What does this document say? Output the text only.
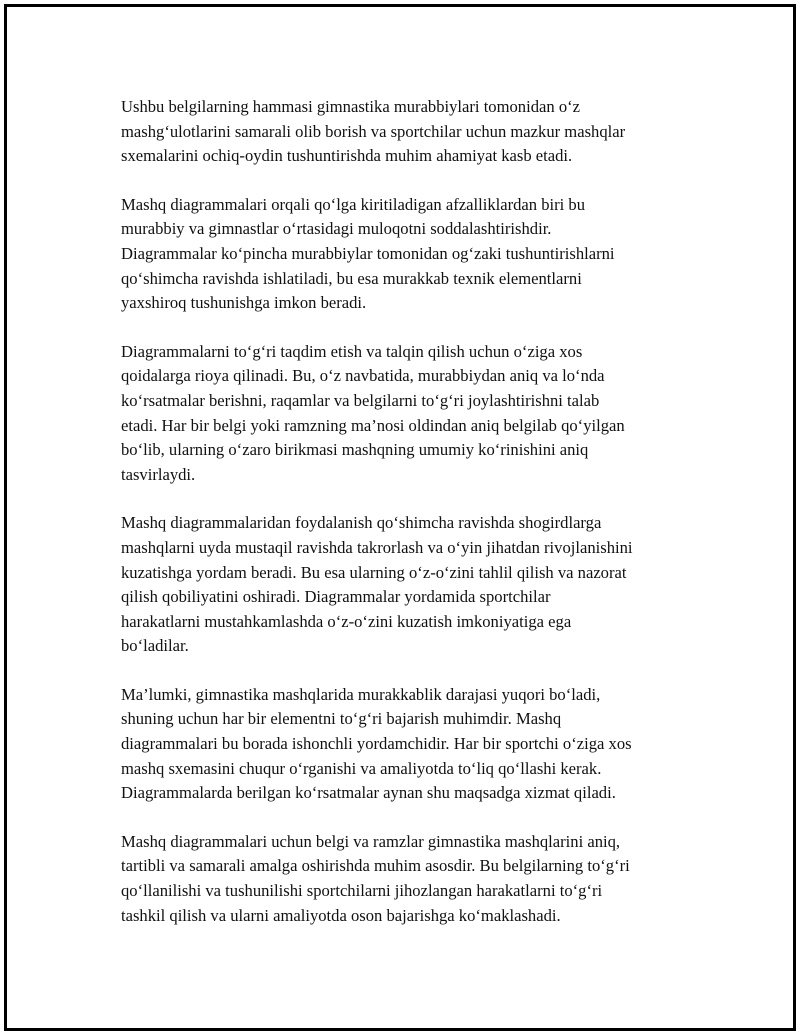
Ushbu belgilarning hammasi gimnastika murabbiylari tomonidan o‘z
mashg‘ulotlarini samarali olib borish va sportchilar uchun mazkur mashqlar
sxemalarini ochiq-oydin tushuntirishda muhim ahamiyat kasb etadi.

Mashq diagrammalari orqali qo‘lga kiritiladigan afzalliklardan biri bu
murabbiy va gimnastlar o‘rtasidagi muloqotni soddalashtirishdir.
Diagrammalar ko‘pincha murabbiylar tomonidan og‘zaki tushuntirishlarni
qo‘shimcha ravishda ishlatiladi, bu esa murakkab texnik elementlarni
yaxshiroq tushunishga imkon beradi.

Diagrammalarni to‘g‘ri taqdim etish va talqin qilish uchun o‘ziga xos
qoidalarga rioya qilinadi. Bu, o‘z navbatida, murabbiydan aniq va lo‘nda
ko‘rsatmalar berishni, raqamlar va belgilarni to‘g‘ri joylashtirishni talab
etadi. Har bir belgi yoki ramzning ma’nosi oldindan aniq belgilab qo‘yilgan
bo‘lib, ularning o‘zaro birikmasi mashqning umumiy ko‘rinishini aniq
tasvirlaydi.

Mashq diagrammalaridan foydalanish qo‘shimcha ravishda shogirdlarga
mashqlarni uyda mustaqil ravishda takrorlash va o‘yin jihatdan rivojlanishini
kuzatishga yordam beradi. Bu esa ularning o‘z-o‘zini tahlil qilish va nazorat
qilish qobiliyatini oshiradi. Diagrammalar yordamida sportchilar
harakatlarni mustahkamlashda o‘z-o‘zini kuzatish imkoniyatiga ega
bo‘ladilar.

Ma’lumki, gimnastika mashqlarida murakkablik darajasi yuqori bo‘ladi,
shuning uchun har bir elementni to‘g‘ri bajarish muhimdir. Mashq
diagrammalari bu borada ishonchli yordamchidir. Har bir sportchi o‘ziga xos
mashq sxemasini chuqur o‘rganishi va amaliyotda to‘liq qo‘llashi kerak.
Diagrammalarda berilgan ko‘rsatmalar aynan shu maqsadga xizmat qiladi.

Mashq diagrammalari uchun belgi va ramzlar gimnastika mashqlarini aniq,
tartibli va samarali amalga oshirishda muhim asosdir. Bu belgilarning to‘g‘ri
qo‘llanilishi va tushunilishi sportchilarni jihozlangan harakatlarni to‘g‘ri
tashkil qilish va ularni amaliyotda oson bajarishga ko‘maklashadi.
